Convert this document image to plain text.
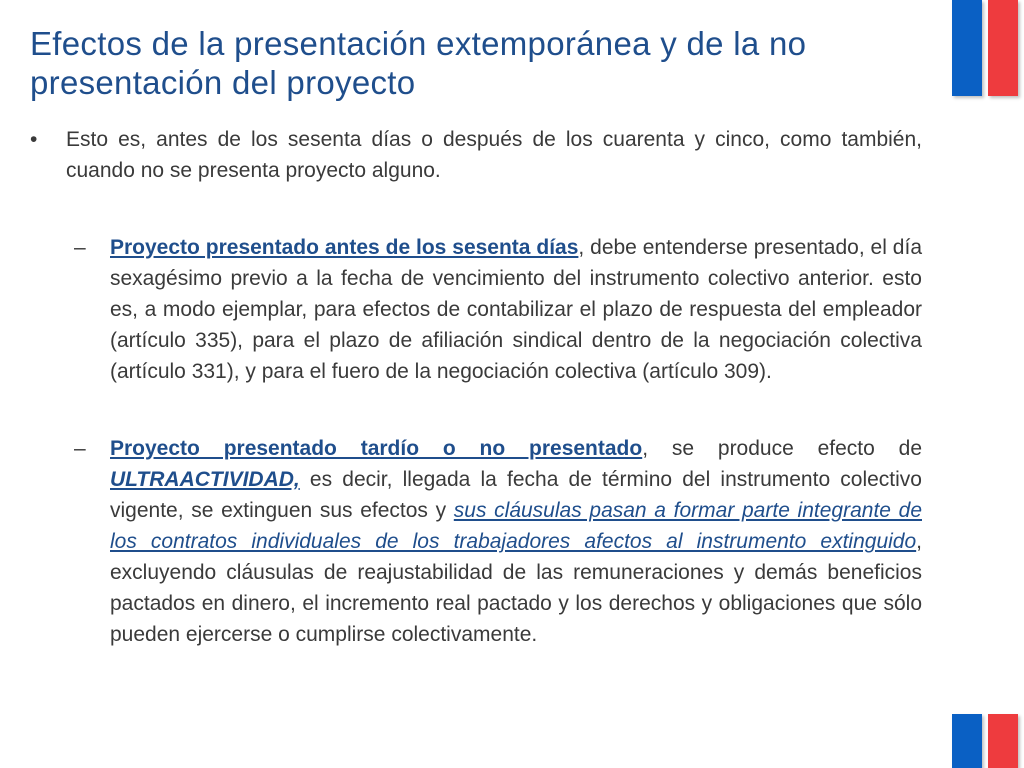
Efectos de la presentación extemporánea y de la no presentación del proyecto
•	Esto es, antes de los sesenta días o después de los cuarenta y cinco, como también, cuando no se presenta proyecto alguno.
–	Proyecto presentado antes de los sesenta días, debe entenderse presentado, el día sexagésimo previo a la fecha de vencimiento del instrumento colectivo anterior. esto es, a modo ejemplar, para efectos de contabilizar el plazo de respuesta del empleador (artículo 335), para el plazo de afiliación sindical dentro de la negociación colectiva (artículo 331), y para el fuero de la negociación colectiva (artículo 309).
–	Proyecto presentado tardío o no presentado, se produce efecto de ULTRAACTIVIDAD, es decir, llegada la fecha de término del instrumento colectivo vigente, se extinguen sus efectos y sus cláusulas pasan a formar parte integrante de los contratos individuales de los trabajadores afectos al instrumento extinguido, excluyendo cláusulas de reajustabilidad de las remuneraciones y demás beneficios pactados en dinero, el incremento real pactado y los derechos y obligaciones que sólo pueden ejercerse o cumplirse colectivamente.
